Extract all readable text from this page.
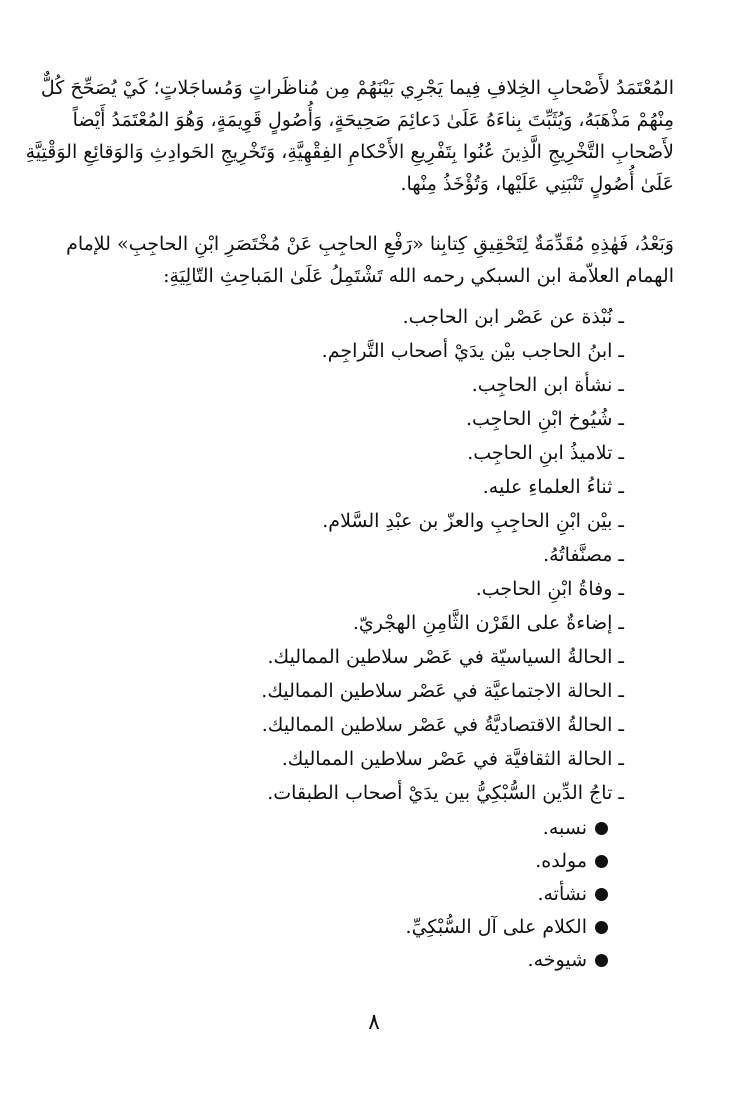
المُعْتَمَدُ لأَصْحابِ الخِلافِ فِيما يَجْرِي بَيْنَهُمْ مِن مُناظَراتٍ وَمُساجَلاتٍ؛ كَيْ يُصَحِّحَ كُلٌّ
مِنْهُمْ مَذْهَبَهُ، وَيُثَبِّتَ بِناءَهُ عَلَىٰ دَعائِمَ صَحِيحَةٍ، وَأُصُولٍ قَوِيمَةٍ، وَهُوَ المُعْتَمَدُ أَيْضاً
لأَصْحابِ التَّخْرِيجِ الَّذِينَ عُنُوا بِتَفْرِيعِ الأَحْكامِ الفِقْهِيَّةِ، وَتَخْرِيجِ الحَوادِثِ وَالوَقائِعِ الوَقْتِيَّةِ
عَلَىٰ أُصُولٍ تَنْبَنِي عَلَيْها، وَتُؤْخَذُ مِنْها.
وَبَعْدُ، فَهٰذِهِ مُقَدِّمَةٌ لِتَحْقِيقِ كِتابِنا «رَفْعِ الحاجِبِ عَنْ مُخْتَصَرِ ابْنِ الحاجِبِ» للإمام
الهمام العلاّمة ابن السبكي رحمه الله تَشْتَمِلُ عَلَىٰ المَباحِثِ التّالِيَةِ:
ـ نُبْذة عن عَصْر ابن الحاجب.
ـ ابنُ الحاجب بيْن يدَيْ أصحاب التَّراجِم.
ـ نشأة ابن الحاجِب.
ـ شُيُوخ ابْنِ الحاجِب.
ـ تلاميذُ ابنِ الحاجِب.
ـ ثناءُ العلماءِ عليه.
ـ بيْن ابْنِ الحاجِبِ والعزّ بن عبْدِ السَّلام.
ـ مصنَّفاتُهُ.
ـ وفاةُ ابْنِ الحاجب.
ـ إضاءةٌ على القَرْن الثَّامِنِ الهجْريّ.
ـ الحالةُ السياسيّة في عَصْر سلاطين المماليك.
ـ الحالة الاجتماعيَّة في عَصْر سلاطين المماليك.
ـ الحالةُ الاقتصاديَّةُ في عَصْر سلاطين المماليك.
ـ الحالة الثقافيَّة في عَصْر سلاطين المماليك.
ـ تاجُ الدِّين السُّبْكِيُّ بين يدَيْ أصحاب الطبقات.
نسبه.
مولده.
نشأته.
الكلام على آل السُّبْكِيِّ.
شيوخه.
٨
